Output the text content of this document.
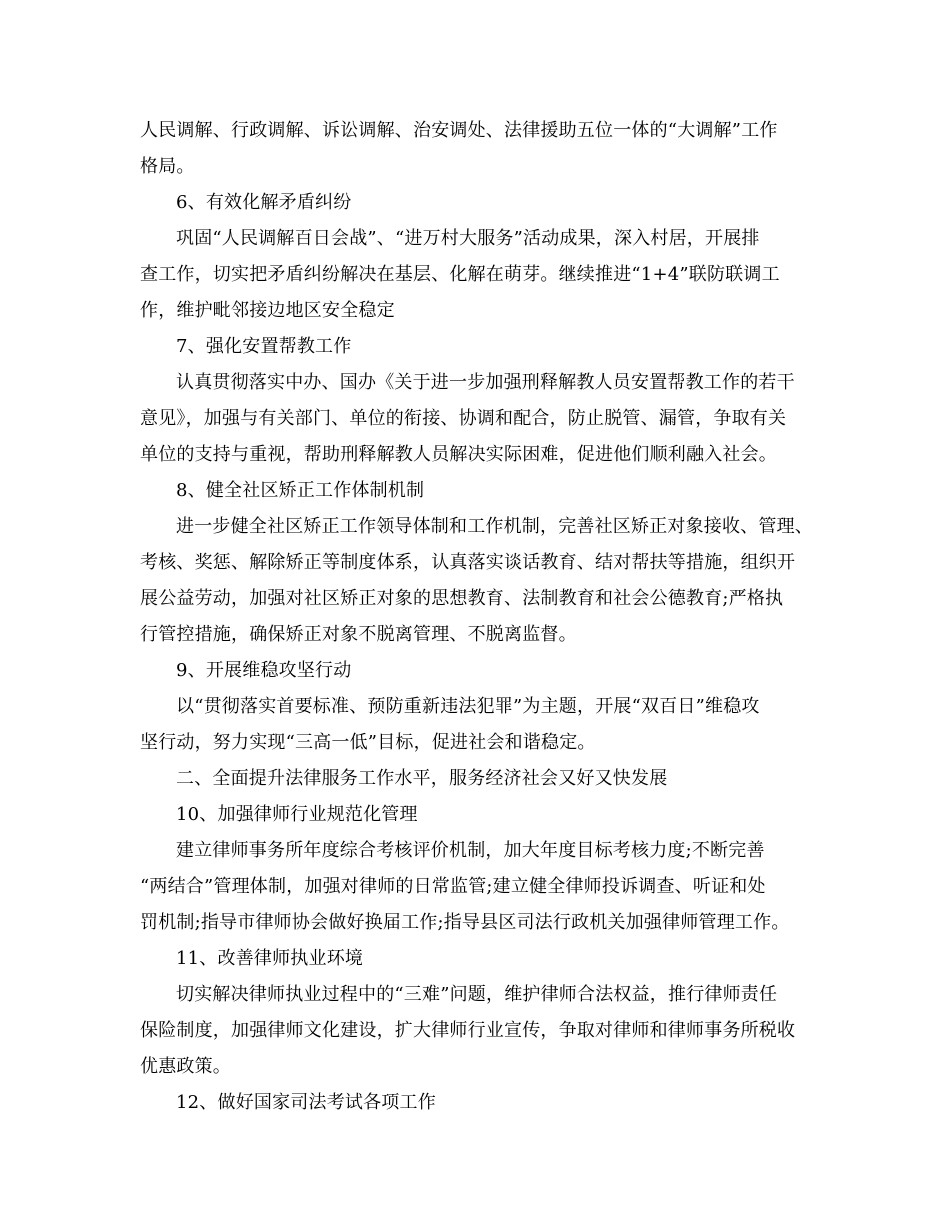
人民调解、行政调解、诉讼调解、治安调处、法律援助五位一体的“大调解”工作
格局。
6、有效化解矛盾纠纷
巩固“人民调解百日会战”、“进万村大服务”活动成果，深入村居，开展排
查工作，切实把矛盾纠纷解决在基层、化解在萌芽。继续推进“1+4”联防联调工
作，维护毗邻接边地区安全稳定
7、强化安置帮教工作
认真贯彻落实中办、国办《关于进一步加强刑释解教人员安置帮教工作的若干
意见》，加强与有关部门、单位的衔接、协调和配合，防止脱管、漏管，争取有关
单位的支持与重视，帮助刑释解教人员解决实际困难，促进他们顺利融入社会。
8、健全社区矫正工作体制机制
进一步健全社区矫正工作领导体制和工作机制，完善社区矫正对象接收、管理、
考核、奖惩、解除矫正等制度体系，认真落实谈话教育、结对帮扶等措施，组织开
展公益劳动，加强对社区矫正对象的思想教育、法制教育和社会公德教育;严格执
行管控措施，确保矫正对象不脱离管理、不脱离监督。
9、开展维稳攻坚行动
以“贯彻落实首要标准、预防重新违法犯罪”为主题，开展“双百日”维稳攻
坚行动，努力实现“三高一低”目标，促进社会和谐稳定。
二、全面提升法律服务工作水平，服务经济社会又好又快发展
10、加强律师行业规范化管理
建立律师事务所年度综合考核评价机制，加大年度目标考核力度;不断完善
“两结合”管理体制，加强对律师的日常监管;建立健全律师投诉调查、听证和处
罚机制;指导市律师协会做好换届工作;指导县区司法行政机关加强律师管理工作。
11、改善律师执业环境
切实解决律师执业过程中的“三难”问题，维护律师合法权益，推行律师责任
保险制度，加强律师文化建设，扩大律师行业宣传，争取对律师和律师事务所税收
优惠政策。
12、做好国家司法考试各项工作
